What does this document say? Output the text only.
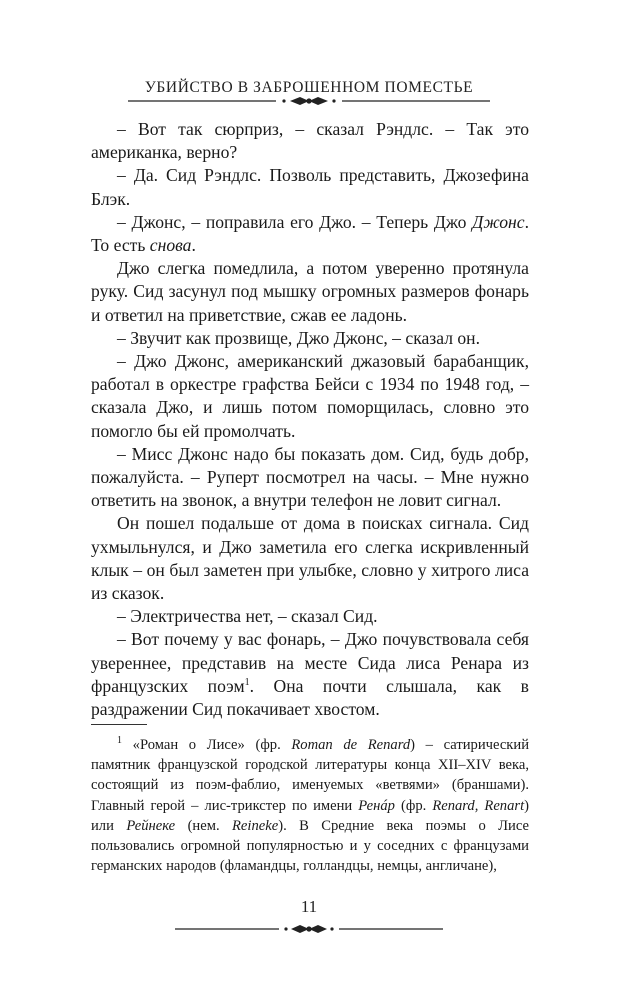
УБИЙСТВО В ЗАБРОШЕННОМ ПОМЕСТЬЕ

– Вот так сюрприз, – сказал Рэндлс. – Так это американка, верно?

– Да. Сид Рэндлс. Позволь представить, Джозефина Блэк.

– Джонс, – поправила его Джо. – Теперь Джо Джонс. То есть снова.

Джо слегка помедлила, а потом уверенно протянула руку. Сид засунул под мышку огромных размеров фонарь и ответил на приветствие, сжав ее ладонь.

– Звучит как прозвище, Джо Джонс, – сказал он.

– Джо Джонс, американский джазовый барабанщик, работал в оркестре графства Бейси с 1934 по 1948 год, – сказала Джо, и лишь потом поморщилась, словно это помогло бы ей промолчать.

– Мисс Джонс надо бы показать дом. Сид, будь добр, пожалуйста. – Руперт посмотрел на часы. – Мне нужно ответить на звонок, а внутри телефон не ловит сигнал.

Он пошел подальше от дома в поисках сигнала. Сид ухмыльнулся, и Джо заметила его слегка искривленный клык – он был заметен при улыбке, словно у хитрого лиса из сказок.

– Электричества нет, – сказал Сид.

– Вот почему у вас фонарь, – Джо почувствовала себя увереннее, представив на месте Сида лиса Ренара из французских поэм$^1$. Она почти слышала, как в раздражении Сид покачивает хвостом.

$^1$ «Роман о Лисе» (фр. Roman de Renard) – сатирический памятник французской городской литературы конца XII–XIV века, состоящий из поэм-фаблио, именуемых «ветвями» (браншами). Главный герой – лис-трикстер по имени Ренáр (фр. Renard, Renart) или Рейнеке (нем. Reineke). В Средние века поэмы о Лисе пользовались огромной популярностью и у соседних с французами германских народов (фламандцы, голландцы, немцы, англичане),

11
